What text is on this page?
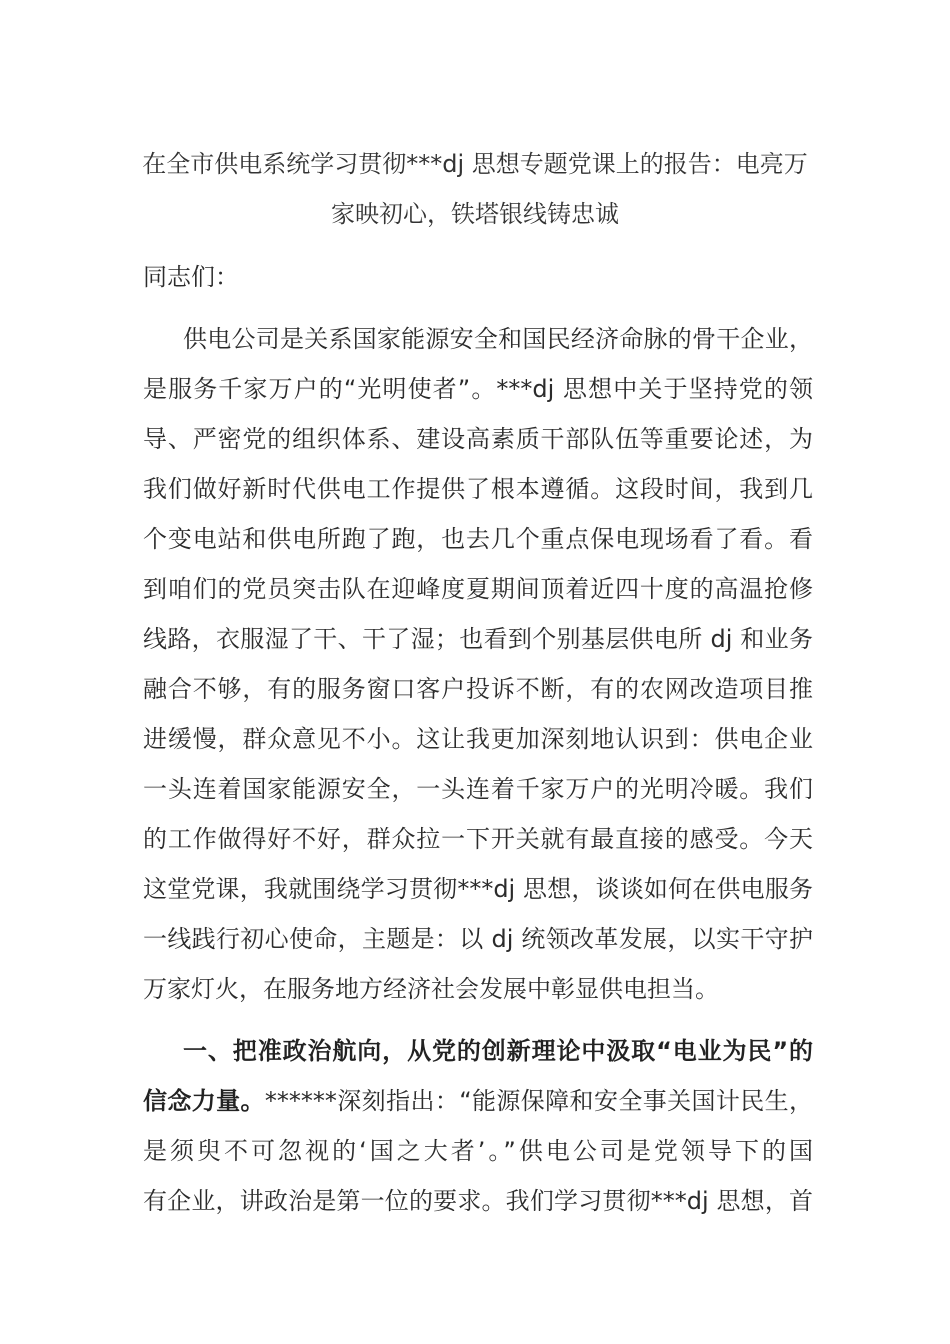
在全市供电系统学习贯彻***dj 思想专题党课上的报告：电亮万
家映初心，铁塔银线铸忠诚
同志们：
供电公司是关系国家能源安全和国民经济命脉的骨干企业，
是服务千家万户的“光明使者”。***dj 思想中关于坚持党的领
导、严密党的组织体系、建设高素质干部队伍等重要论述，为
我们做好新时代供电工作提供了根本遵循。这段时间，我到几
个变电站和供电所跑了跑，也去几个重点保电现场看了看。看
到咱们的党员突击队在迎峰度夏期间顶着近四十度的高温抢修
线路，衣服湿了干、干了湿；也看到个别基层供电所 dj 和业务
融合不够，有的服务窗口客户投诉不断，有的农网改造项目推
进缓慢，群众意见不小。这让我更加深刻地认识到：供电企业
一头连着国家能源安全，一头连着千家万户的光明冷暖。我们
的工作做得好不好，群众拉一下开关就有最直接的感受。今天
这堂党课，我就围绕学习贯彻***dj 思想，谈谈如何在供电服务
一线践行初心使命，主题是：以 dj 统领改革发展，以实干守护
万家灯火，在服务地方经济社会发展中彰显供电担当。
一、把准政治航向，从党的创新理论中汲取“电业为民”的
信念力量。******深刻指出：“能源保障和安全事关国计民生，
是须臾不可忽视的‘国之大者’。”供电公司是党领导下的国
有企业，讲政治是第一位的要求。我们学习贯彻***dj 思想，首
